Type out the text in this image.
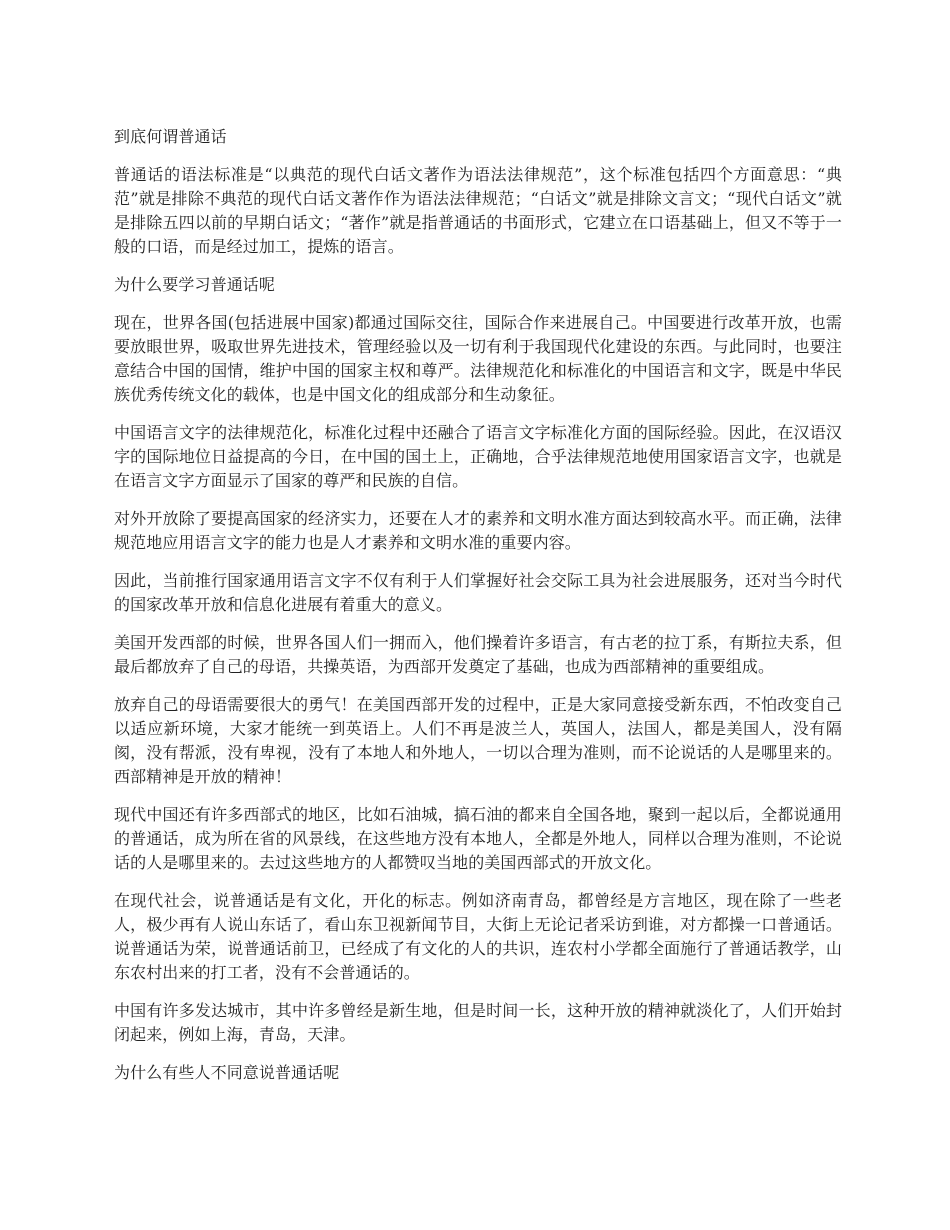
到底何谓普通话

普通话的语法标准是“以典范的现代白话文著作为语法法律规范”，这个标准包括四个方面意思：“典范”就是排除不典范的现代白话文著作作为语法法律规范；“白话文”就是排除文言文；“现代白话文”就是排除五四以前的早期白话文；“著作”就是指普通话的书面形式，它建立在口语基础上，但又不等于一般的口语，而是经过加工，提炼的语言。

为什么要学习普通话呢

现在，世界各国(包括进展中国家)都通过国际交往，国际合作来进展自己。中国要进行改革开放，也需要放眼世界，吸取世界先进技术，管理经验以及一切有利于我国现代化建设的东西。与此同时，也要注意结合中国的国情，维护中国的国家主权和尊严。法律规范化和标准化的中国语言和文字，既是中华民族优秀传统文化的载体，也是中国文化的组成部分和生动象征。

中国语言文字的法律规范化，标准化过程中还融合了语言文字标准化方面的国际经验。因此，在汉语汉字的国际地位日益提高的今日，在中国的国土上，正确地，合乎法律规范地使用国家语言文字，也就是在语言文字方面显示了国家的尊严和民族的自信。

对外开放除了要提高国家的经济实力，还要在人才的素养和文明水准方面达到较高水平。而正确，法律规范地应用语言文字的能力也是人才素养和文明水准的重要内容。

因此，当前推行国家通用语言文字不仅有利于人们掌握好社会交际工具为社会进展服务，还对当今时代的国家改革开放和信息化进展有着重大的意义。

美国开发西部的时候，世界各国人们一拥而入，他们操着许多语言，有古老的拉丁系，有斯拉夫系，但最后都放弃了自己的母语，共操英语，为西部开发奠定了基础，也成为西部精神的重要组成。

放弃自己的母语需要很大的勇气！在美国西部开发的过程中，正是大家同意接受新东西，不怕改变自己以适应新环境，大家才能统一到英语上。人们不再是波兰人，英国人，法国人，都是美国人，没有隔阂，没有帮派，没有卑视，没有了本地人和外地人，一切以合理为准则，而不论说话的人是哪里来的。西部精神是开放的精神！

现代中国还有许多西部式的地区，比如石油城，搞石油的都来自全国各地，聚到一起以后，全都说通用的普通话，成为所在省的风景线，在这些地方没有本地人，全都是外地人，同样以合理为准则，不论说话的人是哪里来的。去过这些地方的人都赞叹当地的美国西部式的开放文化。

在现代社会，说普通话是有文化，开化的标志。例如济南青岛，都曾经是方言地区，现在除了一些老人，极少再有人说山东话了，看山东卫视新闻节目，大街上无论记者采访到谁，对方都操一口普通话。说普通话为荣，说普通话前卫，已经成了有文化的人的共识，连农村小学都全面施行了普通话教学，山东农村出来的打工者，没有不会普通话的。

中国有许多发达城市，其中许多曾经是新生地，但是时间一长，这种开放的精神就淡化了，人们开始封闭起来，例如上海，青岛，天津。

为什么有些人不同意说普通话呢
